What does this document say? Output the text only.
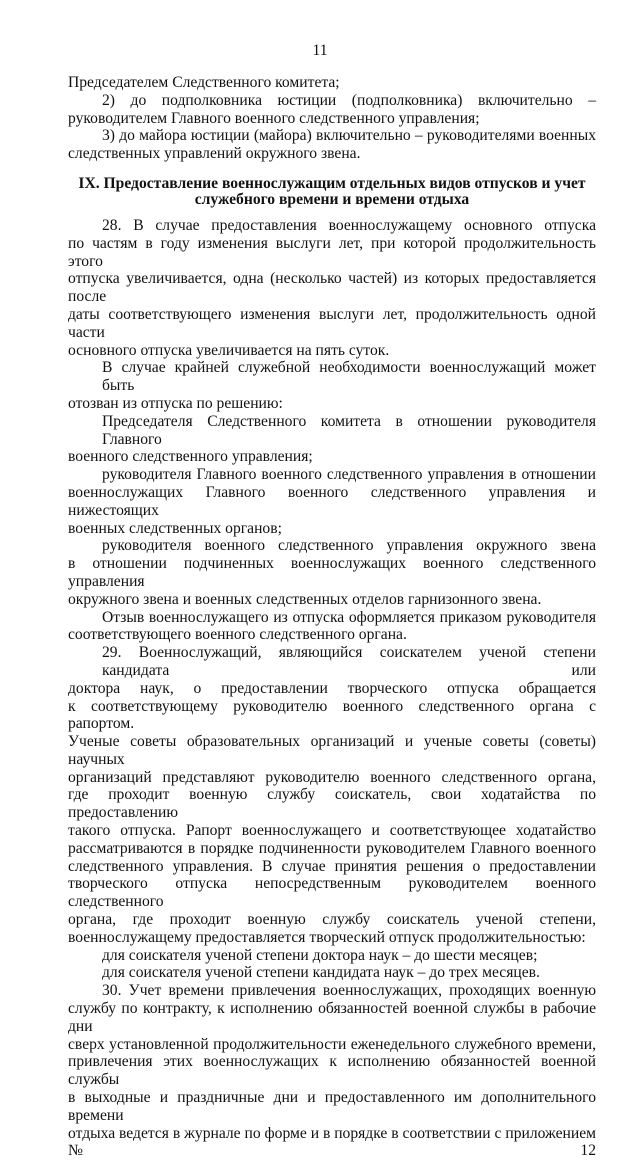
11

Председателем Следственного комитета;

2) до подполковника юстиции (подполковника) включительно –

руководителем Главного военного следственного управления;

3) до майора юстиции (майора) включительно – руководителями военных

следственных управлений окружного звена.

IX. Предоставление военнослужащим отдельных видов отпусков и учет
служебного времени и времени отдыха
28. В случае предоставления военнослужащему основного отпуска
по частям в году изменения выслуги лет, при которой продолжительность этого
отпуска увеличивается, одна (несколько частей) из которых предоставляется после
даты соответствующего изменения выслуги лет, продолжительность одной части
основного отпуска увеличивается на пять суток.
В случае крайней служебной необходимости военнослужащий может быть
отозван из отпуска по решению:
Председателя Следственного комитета в отношении руководителя Главного
военного следственного управления;
руководителя Главного военного следственного управления в отношении
военнослужащих Главного военного следственного управления и нижестоящих
военных следственных органов;
руководителя военного следственного управления окружного звена
в отношении подчиненных военнослужащих военного следственного управления
окружного звена и военных следственных отделов гарнизонного звена.
Отзыв военнослужащего из отпуска оформляется приказом руководителя
соответствующего военного следственного органа.
29. Военнослужащий, являющийся соискателем ученой степени кандидата или
доктора наук, о предоставлении творческого отпуска обращается
к соответствующему руководителю военного следственного органа с рапортом.
Ученые советы образовательных организаций и ученые советы (советы) научных
организаций представляют руководителю военного следственного органа,
где проходит военную службу соискатель, свои ходатайства по предоставлению
такого отпуска. Рапорт военнослужащего и соответствующее ходатайство
рассматриваются в порядке подчиненности руководителем Главного военного
следственного управления. В случае принятия решения о предоставлении
творческого отпуска непосредственным руководителем военного следственного
органа, где проходит военную службу соискатель ученой степени,
военнослужащему предоставляется творческий отпуск продолжительностью:
для соискателя ученой степени доктора наук – до шести месяцев;
для соискателя ученой степени кандидата наук – до трех месяцев.
30. Учет времени привлечения военнослужащих, проходящих военную
службу по контракту, к исполнению обязанностей военной службы в рабочие дни
сверх установленной продолжительности еженедельного служебного времени,
привлечения этих военнослужащих к исполнению обязанностей военной службы
в выходные и праздничные дни и предоставленного им дополнительного времени
отдыха ведется в журнале по форме и в порядке в соответствии с приложением № 12
